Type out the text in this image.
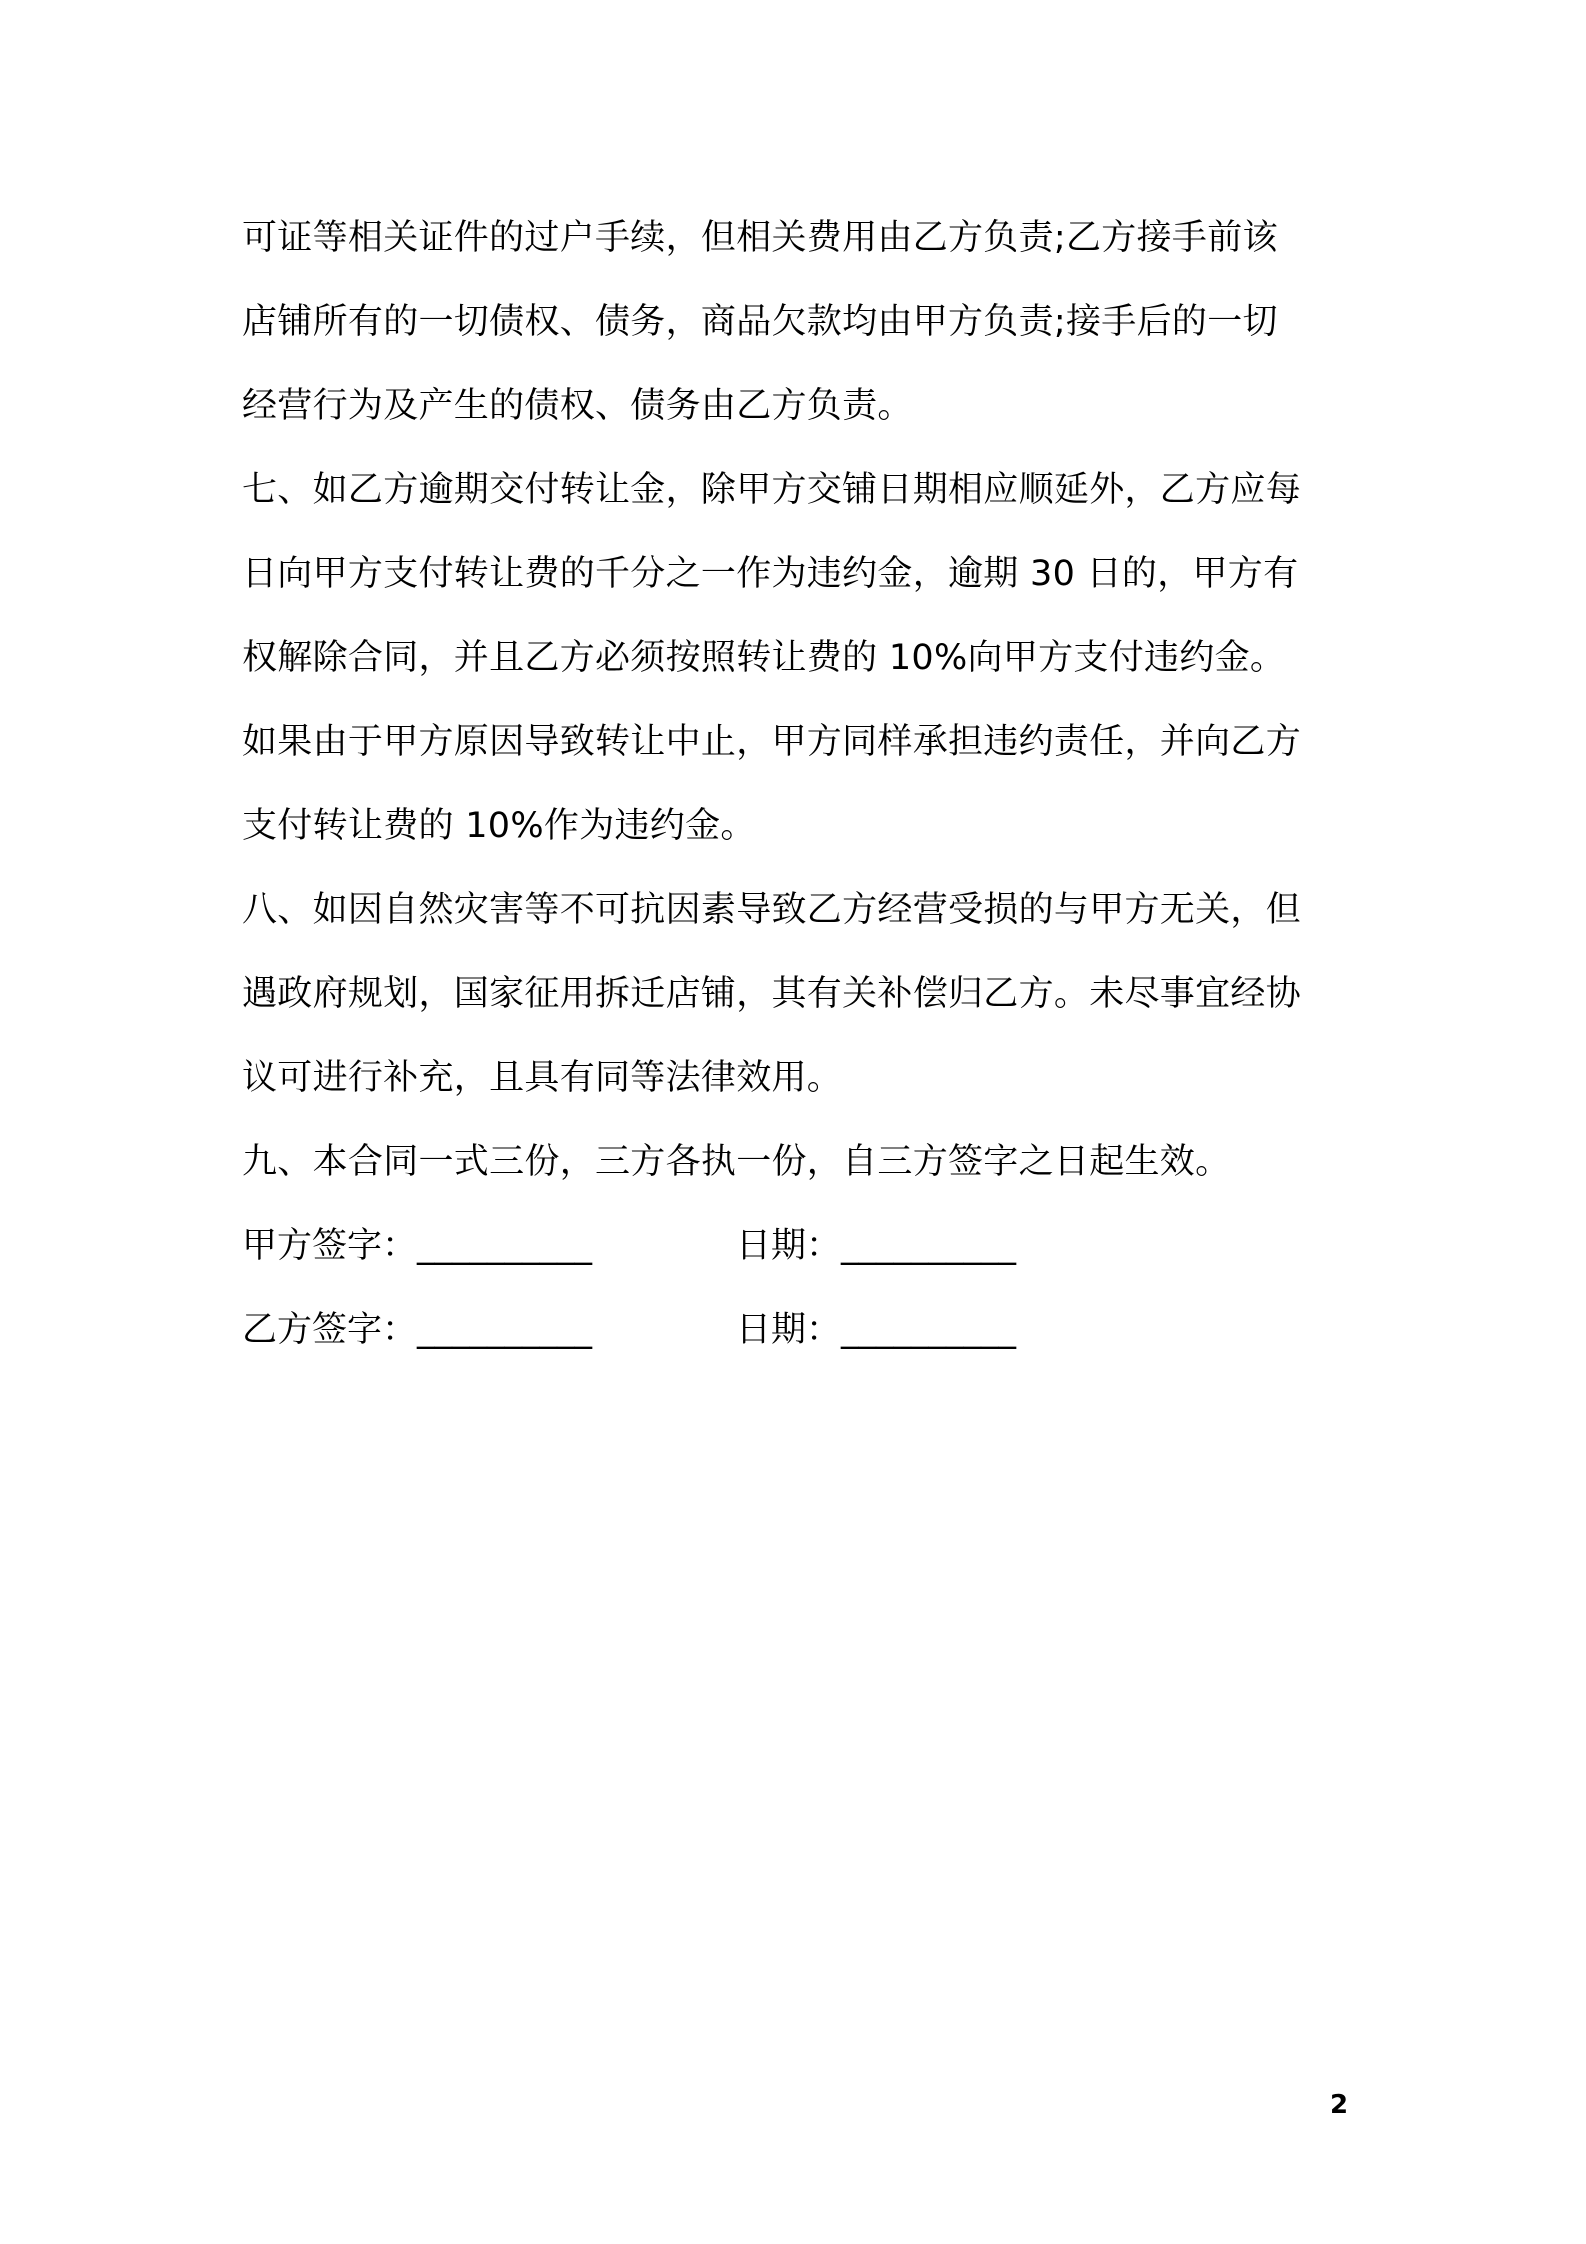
可证等相关证件的过户手续，但相关费用由乙方负责;乙方接手前该
店铺所有的一切债权、债务，商品欠款均由甲方负责;接手后的一切
经营行为及产生的债权、债务由乙方负责。
七、如乙方逾期交付转让金，除甲方交铺日期相应顺延外，乙方应每
日向甲方支付转让费的千分之一作为违约金，逾期 30 日的，甲方有
权解除合同，并且乙方必须按照转让费的 10%向甲方支付违约金。
如果由于甲方原因导致转让中止，甲方同样承担违约责任，并向乙方
支付转让费的 10%作为违约金。
八、如因自然灾害等不可抗因素导致乙方经营受损的与甲方无关，但
遇政府规划，国家征用拆迁店铺，其有关补偿归乙方。未尽事宜经协
议可进行补充，且具有同等法律效用。
九、本合同一式三份，三方各执一份，自三方签字之日起生效。
甲方签字：__________	日期：__________
乙方签字：__________	日期：__________
2
